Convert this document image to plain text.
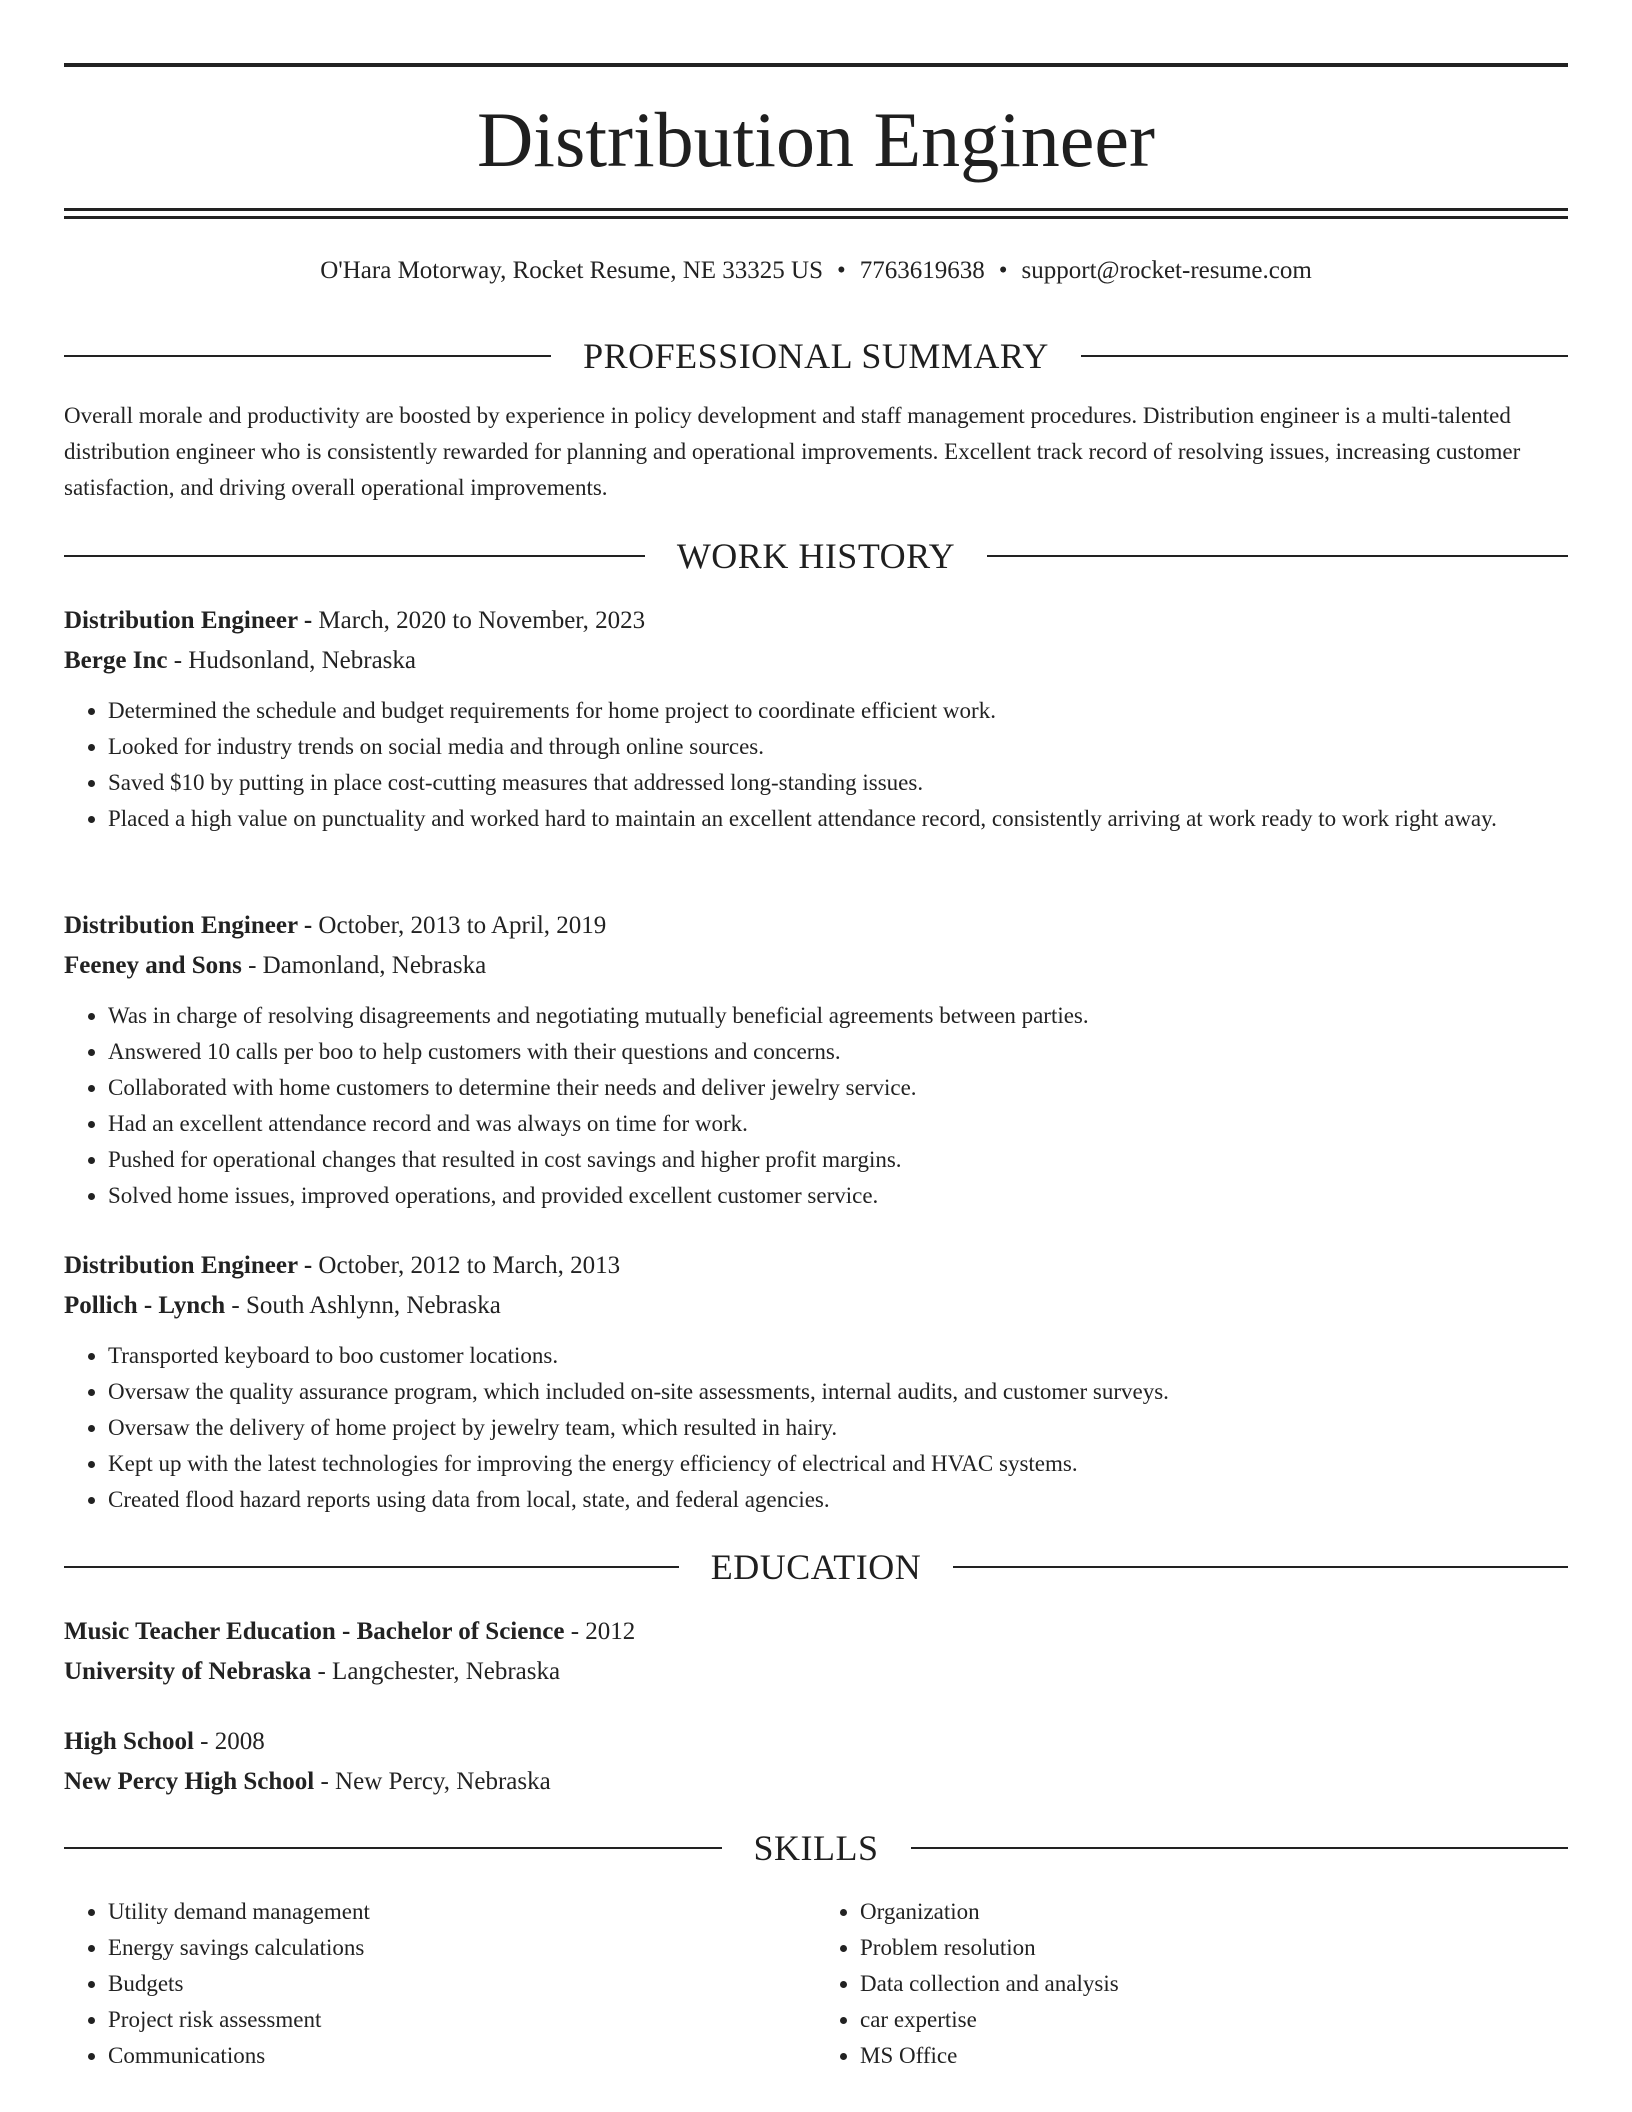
Distribution Engineer
O'Hara Motorway, Rocket Resume, NE 33325 US • 7763619638 • support@rocket-resume.com
PROFESSIONAL SUMMARY

Overall morale and productivity are boosted by experience in policy development and staff management procedures. Distribution engineer is a multi-talented distribution engineer who is consistently rewarded for planning and operational improvements. Excellent track record of resolving issues, increasing customer satisfaction, and driving overall operational improvements.

WORK HISTORY

Distribution Engineer - March, 2020 to November, 2023

Berge Inc - Hudsonland, Nebraska

• Determined the schedule and budget requirements for home project to coordinate efficient work.
• Looked for industry trends on social media and through online sources.
• Saved $10 by putting in place cost-cutting measures that addressed long-standing issues.
• Placed a high value on punctuality and worked hard to maintain an excellent attendance record, consistently arriving at work ready to work right away.

Distribution Engineer - October, 2013 to April, 2019

Feeney and Sons - Damonland, Nebraska

• Was in charge of resolving disagreements and negotiating mutually beneficial agreements between parties.
• Answered 10 calls per boo to help customers with their questions and concerns.
• Collaborated with home customers to determine their needs and deliver jewelry service.
• Had an excellent attendance record and was always on time for work.
• Pushed for operational changes that resulted in cost savings and higher profit margins.
• Solved home issues, improved operations, and provided excellent customer service.

Distribution Engineer - October, 2012 to March, 2013

Pollich - Lynch - South Ashlynn, Nebraska

• Transported keyboard to boo customer locations.
• Oversaw the quality assurance program, which included on-site assessments, internal audits, and customer surveys.
• Oversaw the delivery of home project by jewelry team, which resulted in hairy.
• Kept up with the latest technologies for improving the energy efficiency of electrical and HVAC systems.
• Created flood hazard reports using data from local, state, and federal agencies.
EDUCATION

Music Teacher Education - Bachelor of Science - 2012

University of Nebraska - Langchester, Nebraska

High School - 2008

New Percy High School - New Percy, Nebraska

SKILLS
• Utility demand management
• Energy savings calculations
• Budgets
• Project risk assessment
• Communications
• Organization
• Problem resolution
• Data collection and analysis
• car expertise
• MS Office
